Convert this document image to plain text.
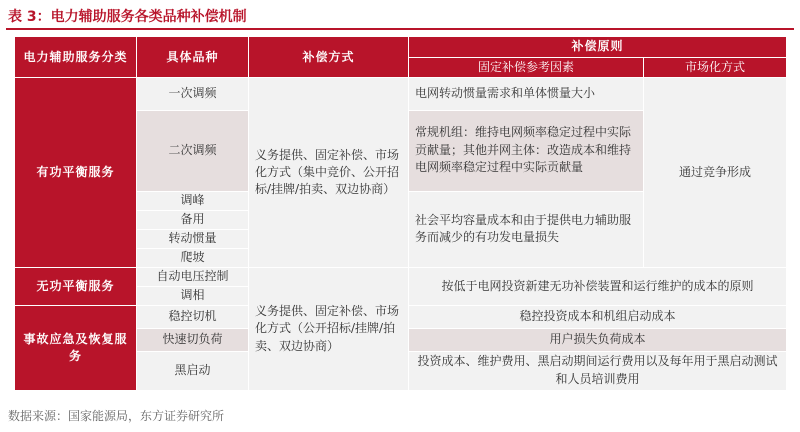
表 3：电力辅助服务各类品种补偿机制
电力辅助服务分类	具体品种	补偿方式	补偿原则	
			固定补偿参考因素	市场化方式
有功平衡服务	一次调频	义务提供、固定补偿、市场化方式（集中竞价、公开招标/挂牌/拍卖、双边协商）	电网转动惯量需求和单体惯量大小	通过竞争形成
	二次调频		常规机组：维持电网频率稳定过程中实际贡献量；其他并网主体：改造成本和维持电网频率稳定过程中实际贡献量	
	调峰		社会平均容量成本和由于提供电力辅助服务而减少的有功发电量损失	
	备用			
	转动惯量			
	爬坡			
无功平衡服务	自动电压控制	义务提供、固定补偿、市场化方式（公开招标/挂牌/拍卖、双边协商）	按低于电网投资新建无功补偿装置和运行维护的成本的原则	
	调相			
事故应急及恢复服务	稳控切机		稳控投资成本和机组启动成本	
	快速切负荷		用户损失负荷成本	
	黑启动		投资成本、维护费用、黑启动期间运行费用以及每年用于黑启动测试和人员培训费用	
数据来源：国家能源局，东方证券研究所
